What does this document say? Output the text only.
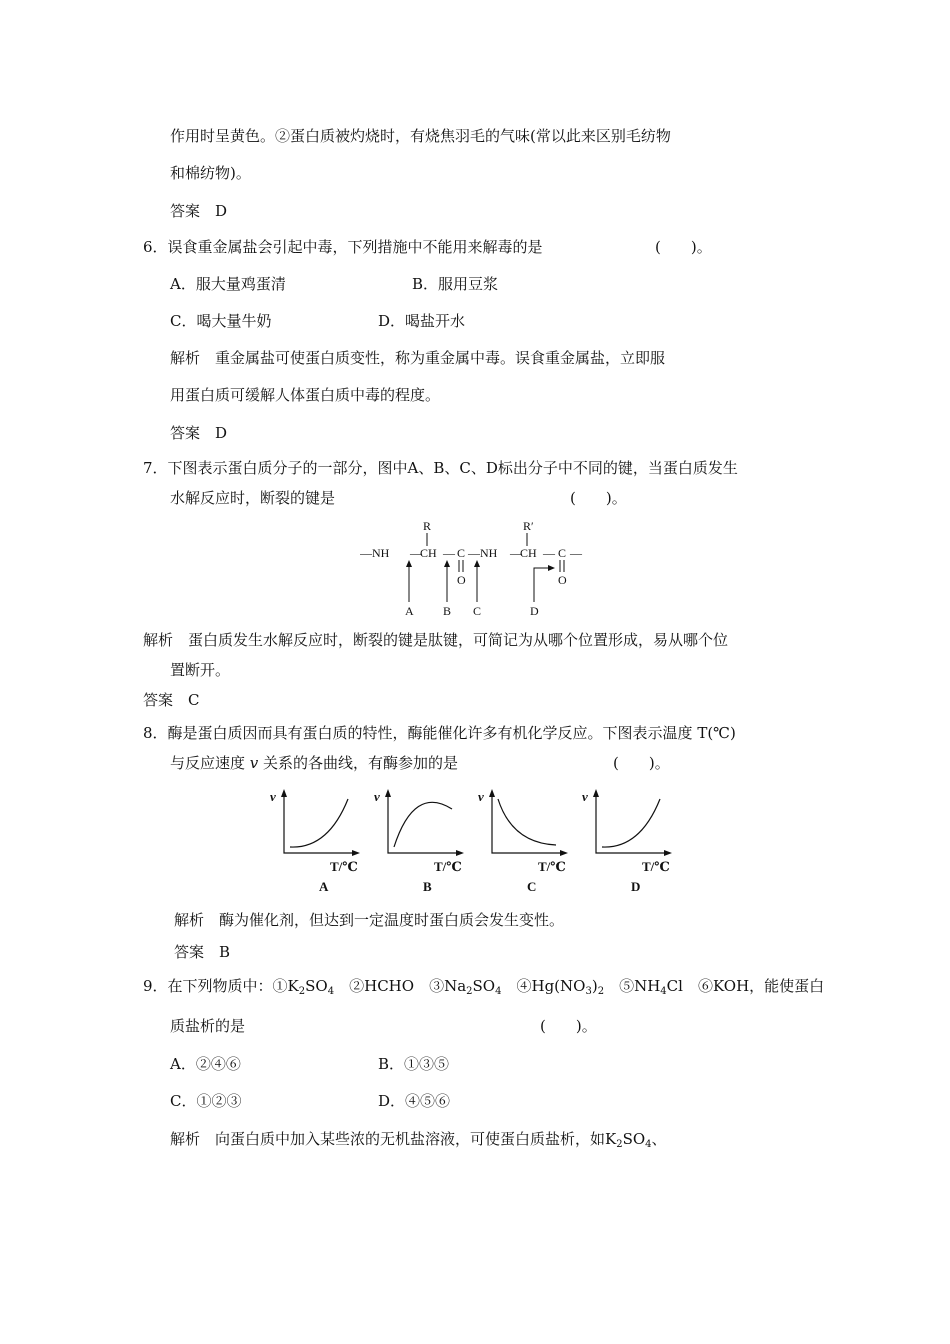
作用时呈黄色。②蛋白质被灼烧时，有烧焦羽毛的气味(常以此来区别毛纺物
和棉纺物)。
答案　D
6．误食重金属盐会引起中毒，下列措施中不能用来解毒的是	(　　)。
A．服大量鸡蛋清	B．服用豆浆
C．喝大量牛奶	D．喝盐开水
解析　重金属盐可使蛋白质变性，称为重金属中毒。误食重金属盐，立即服
用蛋白质可缓解人体蛋白质中毒的程度。
答案　D
7．下图表示蛋白质分子的一部分，图中A、B、C、D标出分子中不同的键，当蛋白质发生
水解反应时，断裂的键是	(　　)。
R	R′
—NH —
CH — C —NH —
CH — C —
O	O
A B C	D
解析　蛋白质发生水解反应时，断裂的键是肽键，可简记为从哪个位置形成，易从哪个位
置断开。
答案　C
8．酶是蛋白质因而具有蛋白质的特性，酶能催化许多有机化学反应。下图表示温度 T(℃)
与反应速度 v 关系的各曲线，有酶参加的是	(　　)。
v
T/℃
A
v
T/℃
B
v
T/℃
C
v
T/℃
D
解析　酶为催化剂，但达到一定温度时蛋白质会发生变性。
答案　B
9．在下列物质中：$①K_2SO_4$　 ②HCHO　 $③Na_2SO_4$　 $④Hg(NO_3)_2$　 $⑤NH_4Cl$　 ⑥KOH，能使蛋白
质盐析的是	(　　)。
A．②④⑥	B．①③⑤
C．①②③	D．④⑤⑥
解析　向蛋白质中加入某些浓的无机盐溶液，可使蛋白质盐析，如$K_2SO_4$、
